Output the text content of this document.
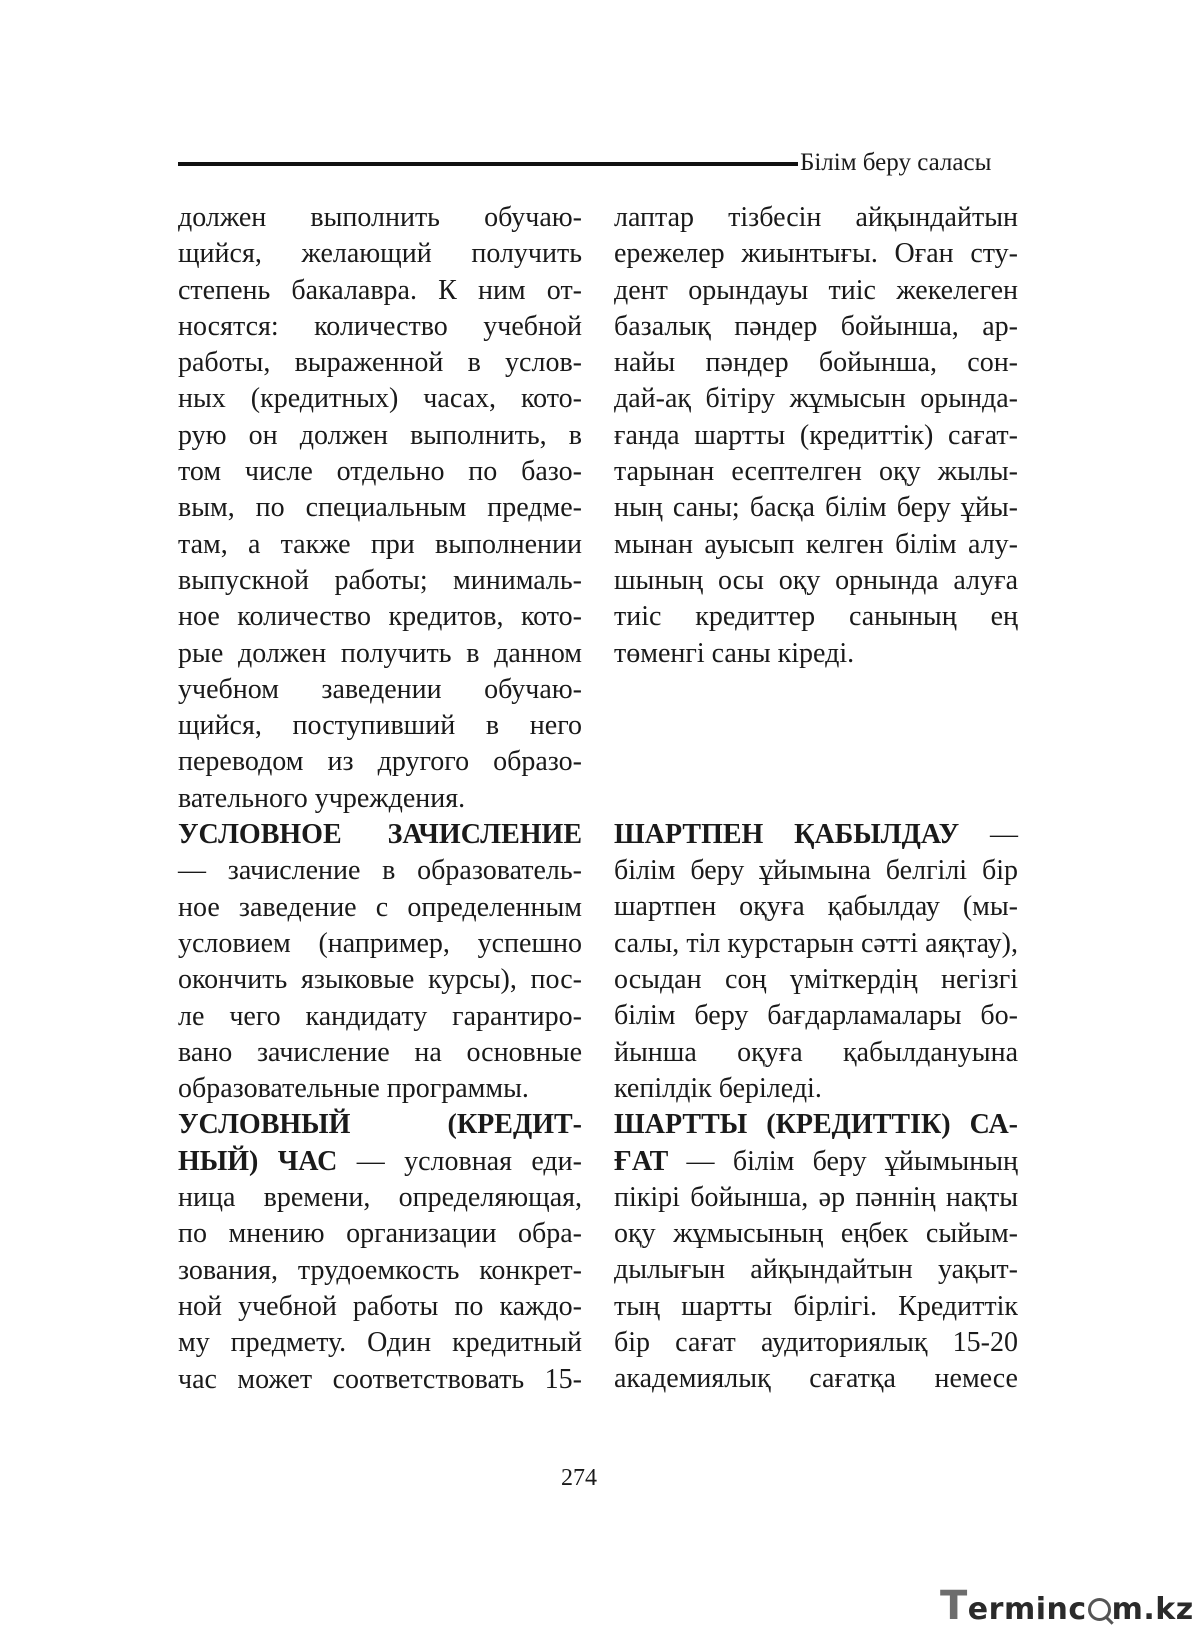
Білім беру саласы
должен выполнить обучаю-
щийся, желающий получить
степень бакалавра. К ним от-
носятся: количество учебной
работы, выраженной в услов-
ных (кредитных) часах, кото-
рую он должен выполнить, в
том числе отдельно по базо-
вым, по специальным предме-
там, а также при выполнении
выпускной работы; минималь-
ное количество кредитов, кото-
рые должен получить в данном
учебном заведении обучаю-
щийся, поступивший в него
переводом из другого образо-
вательного учреждения.
УСЛОВНОЕ ЗАЧИСЛЕНИЕ
— зачисление в образователь-
ное заведение с определенным
условием (например, успешно
окончить языковые курсы), пос-
ле чего кандидату гарантиро-
вано зачисление на основные
образовательные программы.
УСЛОВНЫЙ (КРЕДИТ-
НЫЙ) ЧАС — условная еди-
ница времени, определяющая,
по мнению организации обра-
зования, трудоемкость конкрет-
ной учебной работы по каждо-
му предмету. Один кредитный
час может соответствовать 15-
лаптар тізбесін айқындайтын
ережелер жиынтығы. Оған сту-
дент орындауы тиіс жекелеген
базалық пәндер бойынша, ар-
найы пәндер бойынша, сон-
дай-ақ бітіру жұмысын орында-
ғанда шартты (кредиттік) сағат-
тарынан есептелген оқу жылы-
ның саны; басқа білім беру ұйы-
мынан ауысып келген білім алу-
шының осы оқу орнында алуға
тиіс кредиттер санының ең
төменгі саны кіреді.
ШАРТПЕН ҚАБЫЛДАУ —
білім беру ұйымына белгілі бір
шартпен оқуға қабылдау (мы-
салы, тіл курстарын сәтті аяқтау),
осыдан соң үміткердің негізгі
білім беру бағдарламалары бо-
йынша оқуға қабылдануына
кепілдік беріледі.
ШАРТТЫ (КРЕДИТТІК) СА-
ҒАТ — білім беру ұйымының
пікірі бойынша, әр пәннің нақты
оқу жұмысының еңбек сыйым-
дылығын айқындайтын уақыт-
тың шартты бірлігі. Кредиттік
бір сағат аудиториялық 15-20
академиялық сағатқа немесе
274
Terminc m.kz
